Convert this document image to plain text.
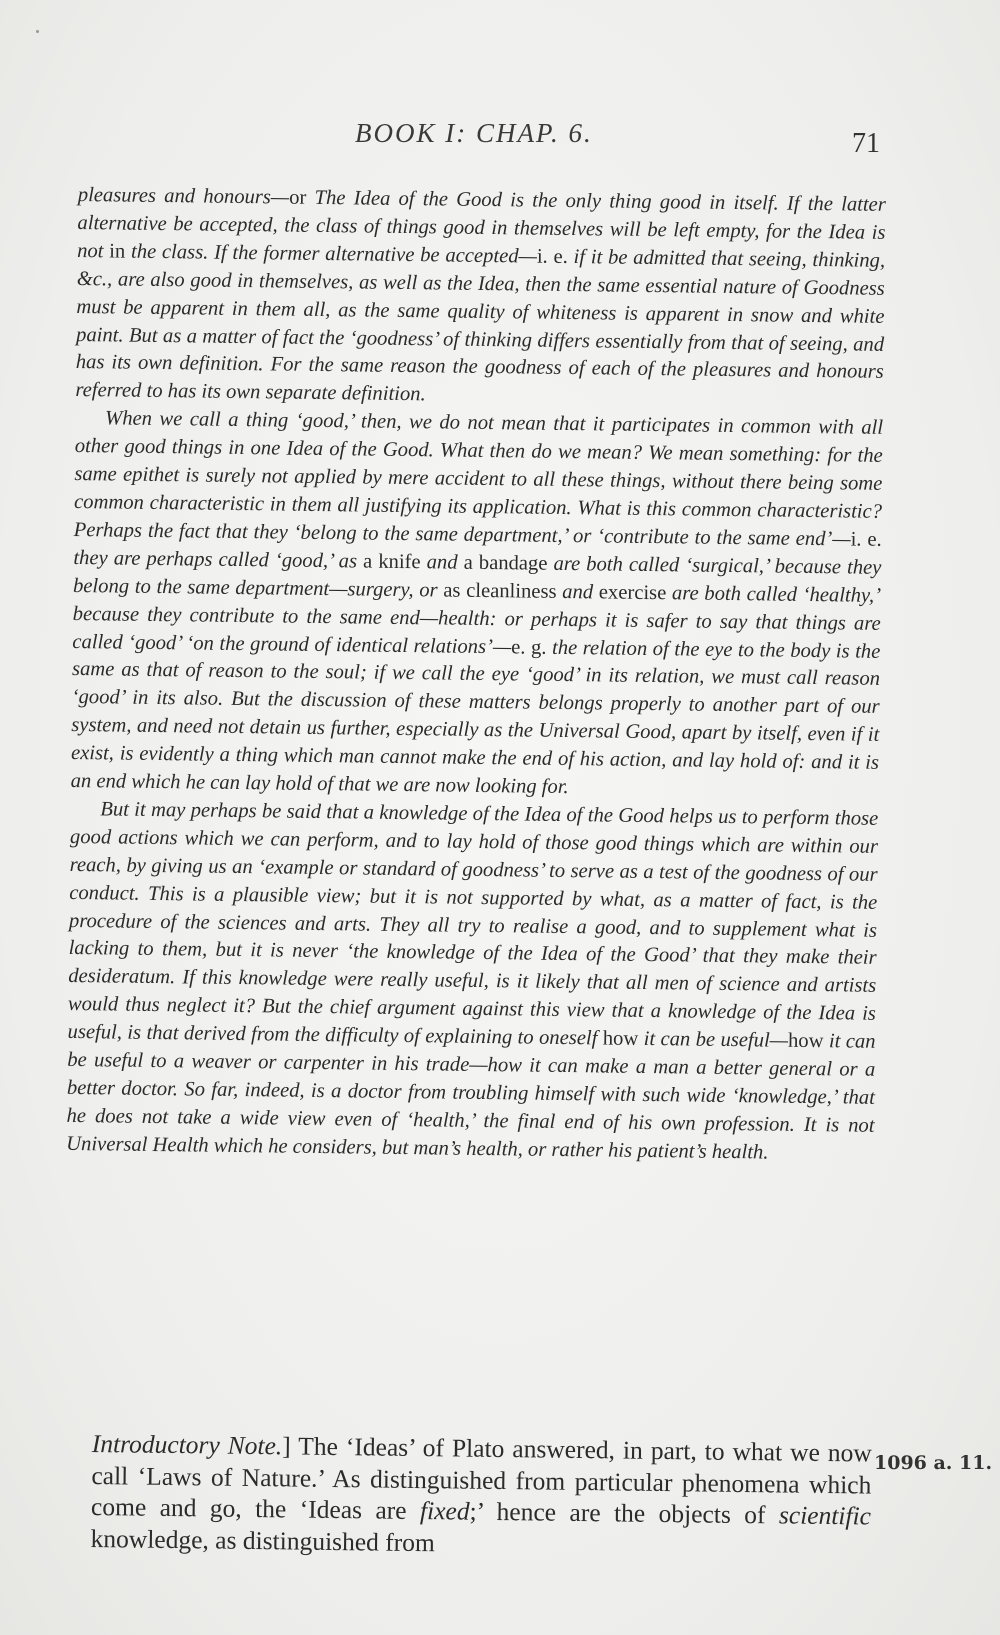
BOOK I: CHAP. 6.	71

pleasures and honours—or The Idea of the Good is the only thing good in itself. If the latter alternative be accepted, the class of things good in themselves will be left empty, for the Idea is not in the class. If the former alternative be accepted—i. e. if it be admitted that seeing, thinking, &c., are also good in themselves, as well as the Idea, then the same essential nature of Goodness must be apparent in them all, as the same quality of whiteness is apparent in snow and white paint. But as a matter of fact the ‘goodness’ of thinking differs essentially from that of seeing, and has its own definition. For the same reason the goodness of each of the pleasures and honours referred to has its own separate definition.

When we call a thing ‘good,’ then, we do not mean that it participates in common with all other good things in one Idea of the Good. What then do we mean? We mean something: for the same epithet is surely not applied by mere accident to all these things, without there being some common characteristic in them all justifying its application. What is this common characteristic? Perhaps the fact that they ‘belong to the same department,’ or ‘contribute to the same end’—i. e. they are perhaps called ‘good,’ as a knife and a bandage are both called ‘surgical,’ because they belong to the same department—surgery, or as cleanliness and exercise are both called ‘healthy,’ because they contribute to the same end—health: or perhaps it is safer to say that things are called ‘good’ ‘on the ground of identical relations’—e. g. the relation of the eye to the body is the same as that of reason to the soul; if we call the eye ‘good’ in its relation, we must call reason ‘good’ in its also. But the discussion of these matters belongs properly to another part of our system, and need not detain us further, especially as the Universal Good, apart by itself, even if it exist, is evidently a thing which man cannot make the end of his action, and lay hold of: and it is an end which he can lay hold of that we are now looking for.

But it may perhaps be said that a knowledge of the Idea of the Good helps us to perform those good actions which we can perform, and to lay hold of those good things which are within our reach, by giving us an ‘example or standard of goodness’ to serve as a test of the goodness of our conduct. This is a plausible view; but it is not supported by what, as a matter of fact, is the procedure of the sciences and arts. They all try to realise a good, and to supplement what is lacking to them, but it is never ‘the knowledge of the Idea of the Good’ that they make their desideratum. If this knowledge were really useful, is it likely that all men of science and artists would thus neglect it? But the chief argument against this view that a knowledge of the Idea is useful, is that derived from the difficulty of explaining to oneself how it can be useful—how it can be useful to a weaver or carpenter in his trade—how it can make a man a better general or a better doctor. So far, indeed, is a doctor from troubling himself with such wide ‘knowledge,’ that he does not take a wide view even of ‘health,’ the final end of his own profession. It is not Universal Health which he considers, but man’s health, or rather his patient’s health.

Introductory Note.] The ‘Ideas’ of Plato answered, in part, to what we now call ‘Laws of Nature.’ As distinguished from particular phenomena which come and go, the ‘Ideas are fixed;’ hence are the objects of scientific knowledge, as distinguished from
1096 a. 11.
